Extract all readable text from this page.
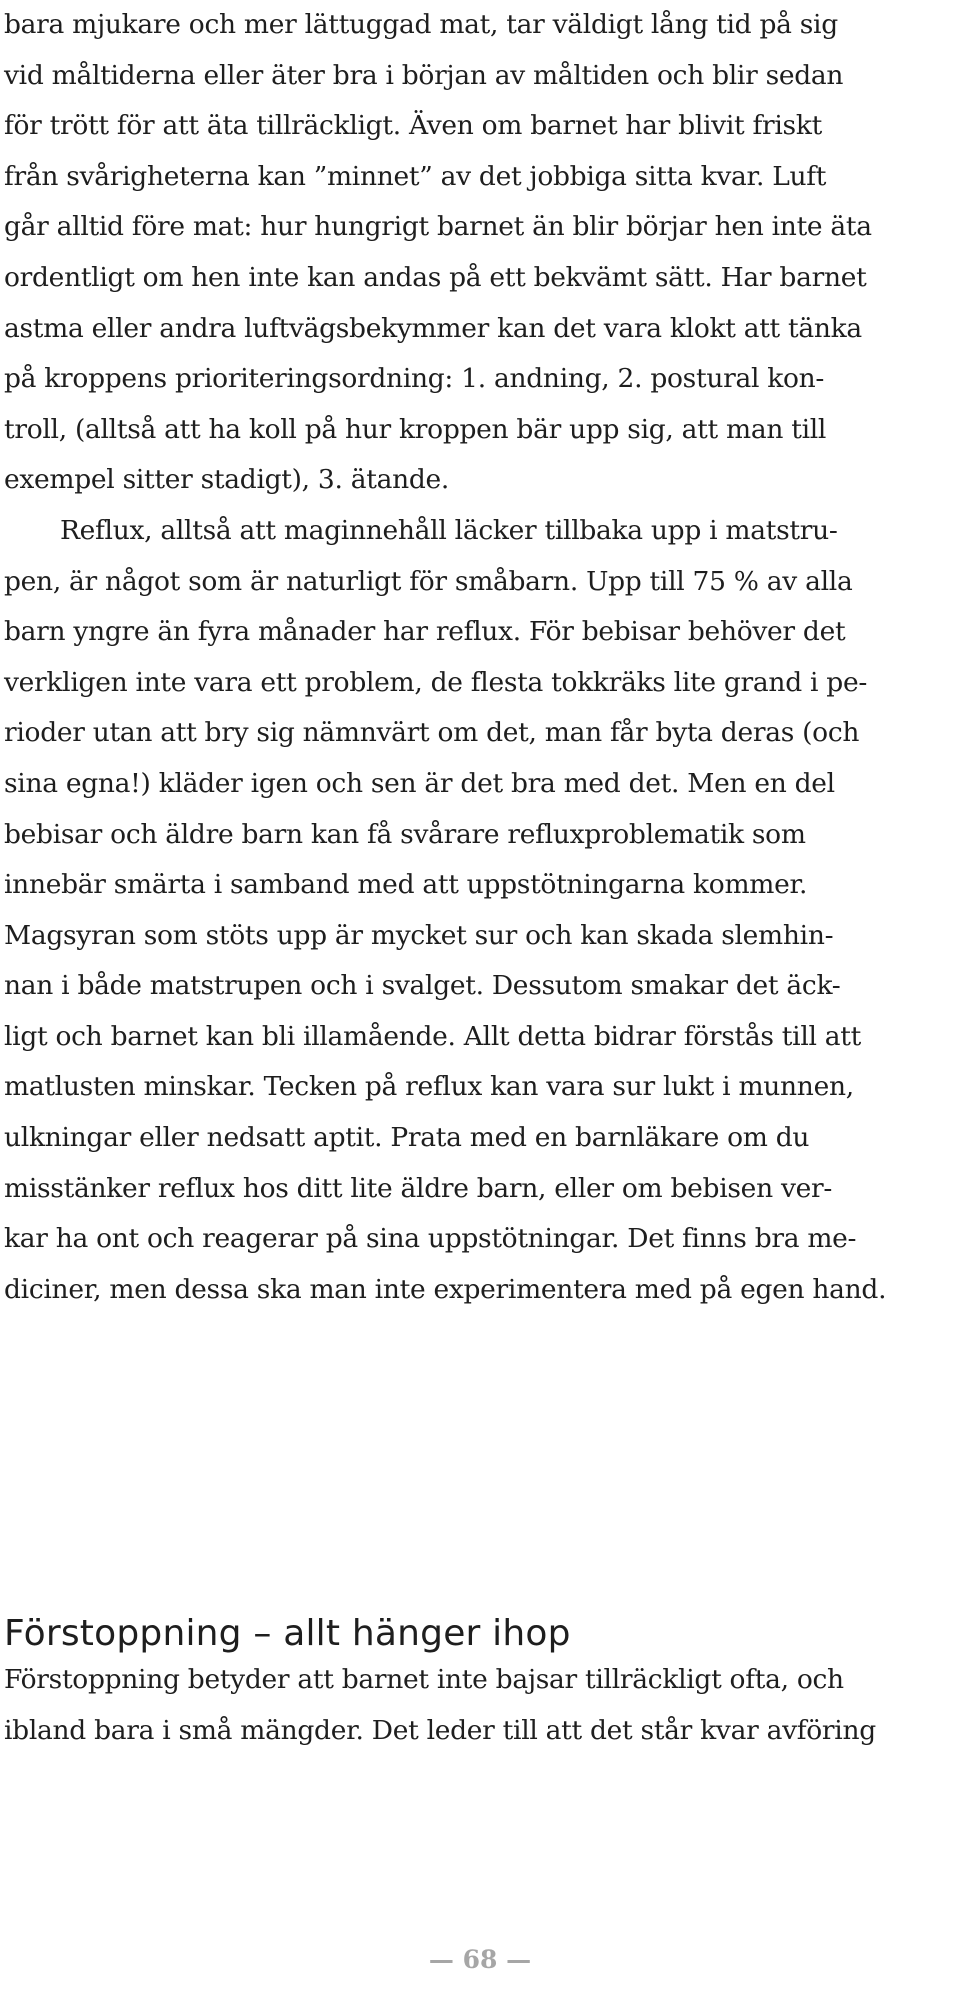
bara mjukare och mer lättuggad mat, tar väldigt lång tid på sig
vid måltiderna eller äter bra i början av måltiden och blir sedan
för trött för att äta tillräckligt. Även om barnet har blivit friskt
från svårigheterna kan ”minnet” av det jobbiga sitta kvar. Luft
går alltid före mat: hur hungrigt barnet än blir börjar hen inte äta
ordentligt om hen inte kan andas på ett bekvämt sätt. Har barnet
astma eller andra luftvägsbekymmer kan det vara klokt att tänka
på kroppens prioriteringsordning: 1. andning, 2. postural kon-
troll, (alltså att ha koll på hur kroppen bär upp sig, att man till
exempel sitter stadigt), 3. ätande.
Reflux, alltså att maginnehåll läcker tillbaka upp i matstru-
pen, är något som är naturligt för småbarn. Upp till 75 % av alla
barn yngre än fyra månader har reflux. För bebisar behöver det
verkligen inte vara ett problem, de flesta tokkräks lite grand i pe-
rioder utan att bry sig nämnvärt om det, man får byta deras (och
sina egna!) kläder igen och sen är det bra med det. Men en del
bebisar och äldre barn kan få svårare refluxproblematik som
innebär smärta i samband med att uppstötningarna kommer.
Magsyran som stöts upp är mycket sur och kan skada slemhin-
nan i både matstrupen och i svalget. Dessutom smakar det äck-
ligt och barnet kan bli illamående. Allt detta bidrar förstås till att
matlusten minskar. Tecken på reflux kan vara sur lukt i munnen,
ulkningar eller nedsatt aptit. Prata med en barnläkare om du
misstänker reflux hos ditt lite äldre barn, eller om bebisen ver-
kar ha ont och reagerar på sina uppstötningar. Det finns bra me-
diciner, men dessa ska man inte experimentera med på egen hand.
Förstoppning – allt hänger ihop
Förstoppning betyder att barnet inte bajsar tillräckligt ofta, och
ibland bara i små mängder. Det leder till att det står kvar avföring
— 68 —
